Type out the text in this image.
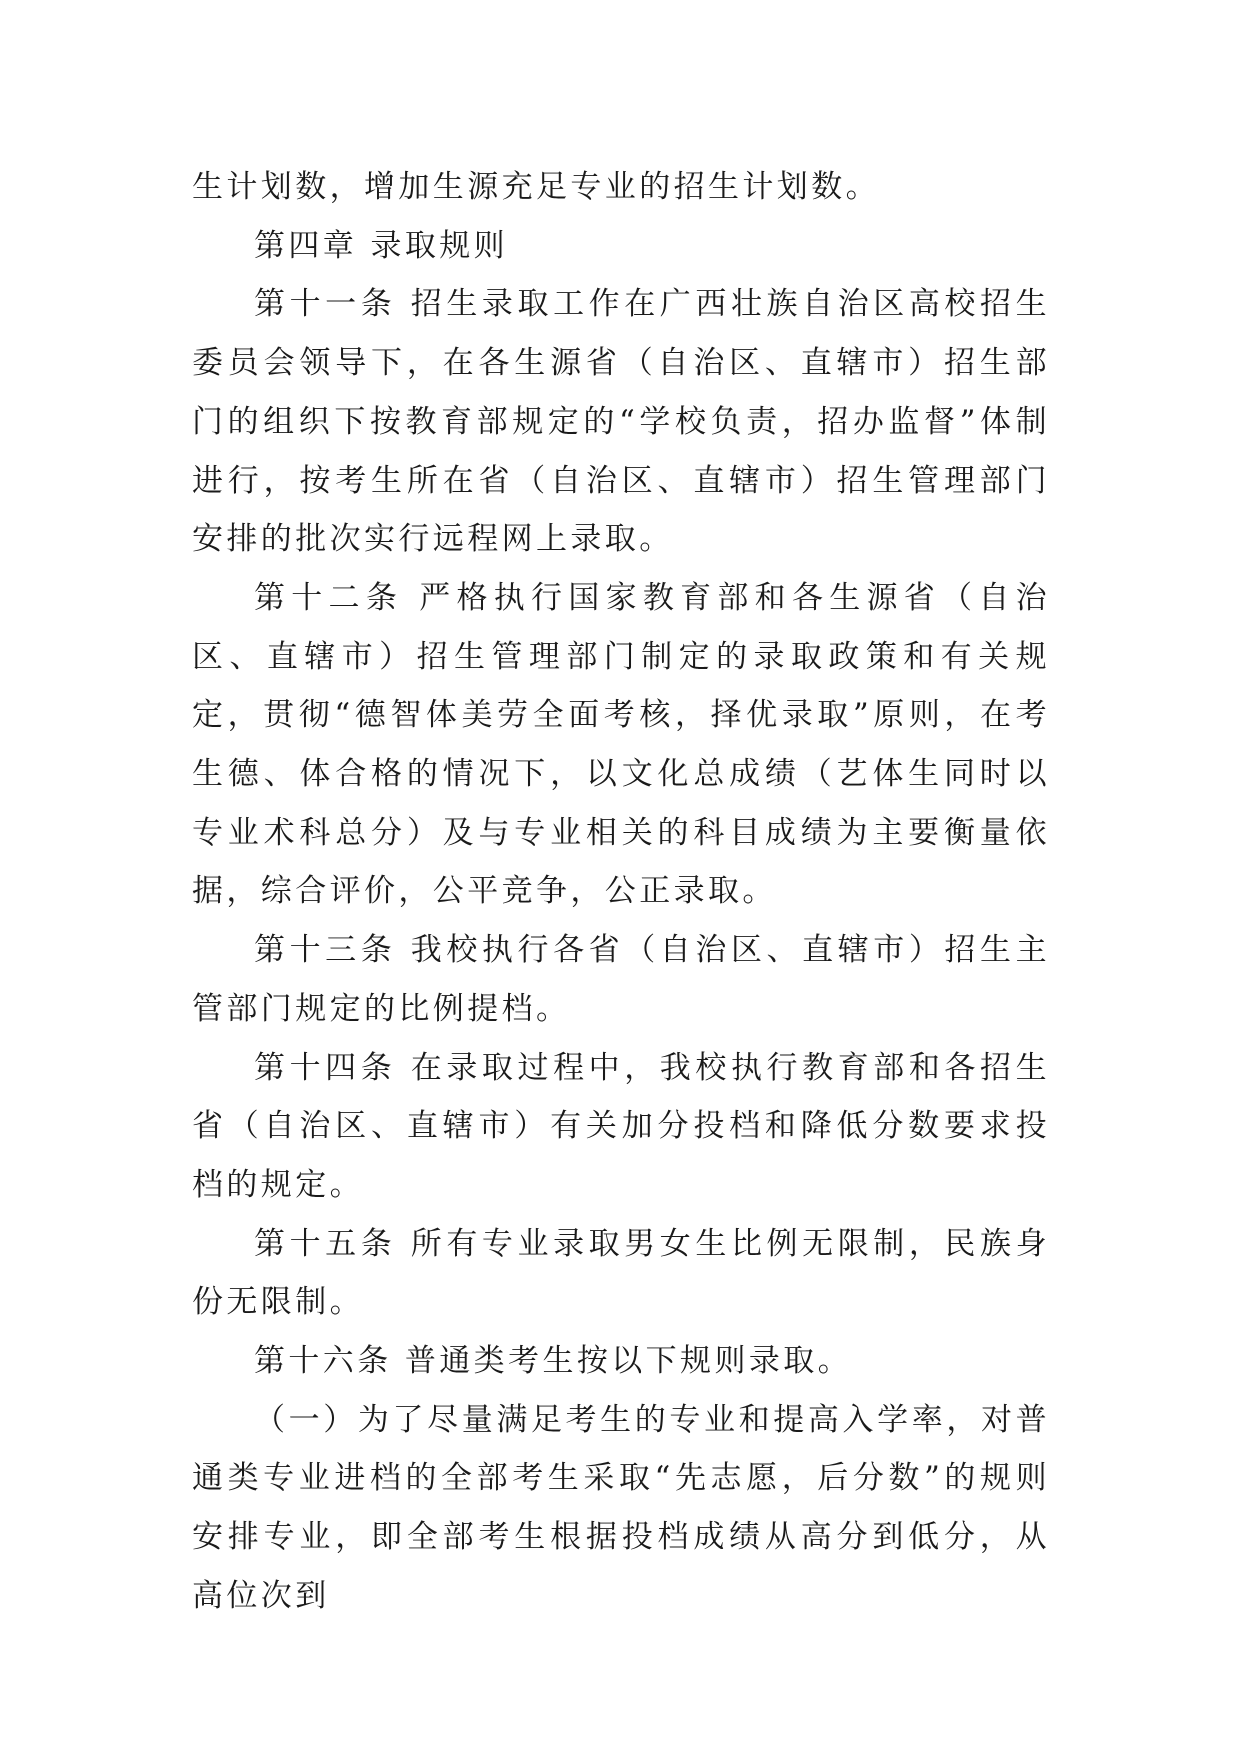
生计划数，增加生源充足专业的招生计划数。

第四章 录取规则

第十一条 招生录取工作在广西壮族自治区高校招生委员会领导下，在各生源省（自治区、直辖市）招生部门的组织下按教育部规定的“学校负责，招办监督”体制进行，按考生所在省（自治区、直辖市）招生管理部门安排的批次实行远程网上录取。

第十二条 严格执行国家教育部和各生源省（自治区、直辖市）招生管理部门制定的录取政策和有关规定，贯彻“德智体美劳全面考核，择优录取”原则，在考生德、体合格的情况下，以文化总成绩（艺体生同时以专业术科总分）及与专业相关的科目成绩为主要衡量依据，综合评价，公平竞争，公正录取。

第十三条 我校执行各省（自治区、直辖市）招生主管部门规定的比例提档。

第十四条 在录取过程中，我校执行教育部和各招生省（自治区、直辖市）有关加分投档和降低分数要求投档的规定。

第十五条 所有专业录取男女生比例无限制，民族身份无限制。

第十六条 普通类考生按以下规则录取。

（一）为了尽量满足考生的专业和提高入学率，对普通类专业进档的全部考生采取“先志愿，后分数”的规则安排专业，即全部考生根据投档成绩从高分到低分，从高位次到
